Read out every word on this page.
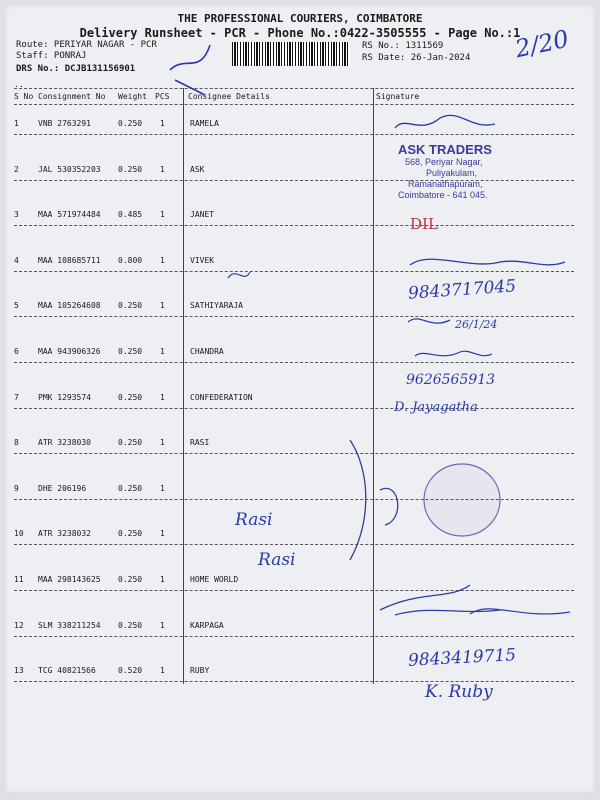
THE PROFESSIONAL COURIERS, COIMBATORE
Delivery Runsheet - PCR - Phone No.:0422-3505555 - Page No.:1
Route: PERIYAR NAGAR - PCR
Staff: PONRAJ
DRS No.: DCJB131156901
RS No.: 1311569
RS Date: 26-Jan-2024 2/20
..
S No Consignment No Weight PCS Consignee Details	Signature
1 VNB 2763291	0.250 1	RAMELA
2 JAL 530352203 0.250 1	ASK
3 MAA 571974484 0.485 1	JANET
4 MAA 108685711 0.800 1	VIVEK
5 MAA 105264608 0.250 1	SATHIYARAJA
6 MAA 943906326 0.250 1	CHANDRA
7 PMK 1293574	0.250 1	CONFEDERATION
8 ATR 3238030	0.250 1	RASI
9 DHE 206196	0.250 1
10 ATR 3238032	0.250 1
11 MAA 298143625 0.250 1	HOME WORLD
12 SLM 338211254 0.250 1	KARPAGA
13 TCG 40821566	0.520 1	RUBY
ASK TRADERS
568, Periyar Nagar,
Puliyakulam,
Ramanathapuram,
Coimbatore - 641 045.
DIL
9843717045
26/1/24
9626565913
D. Jayagatha
Rasi
Rasi
9843419715
K. Ruby
